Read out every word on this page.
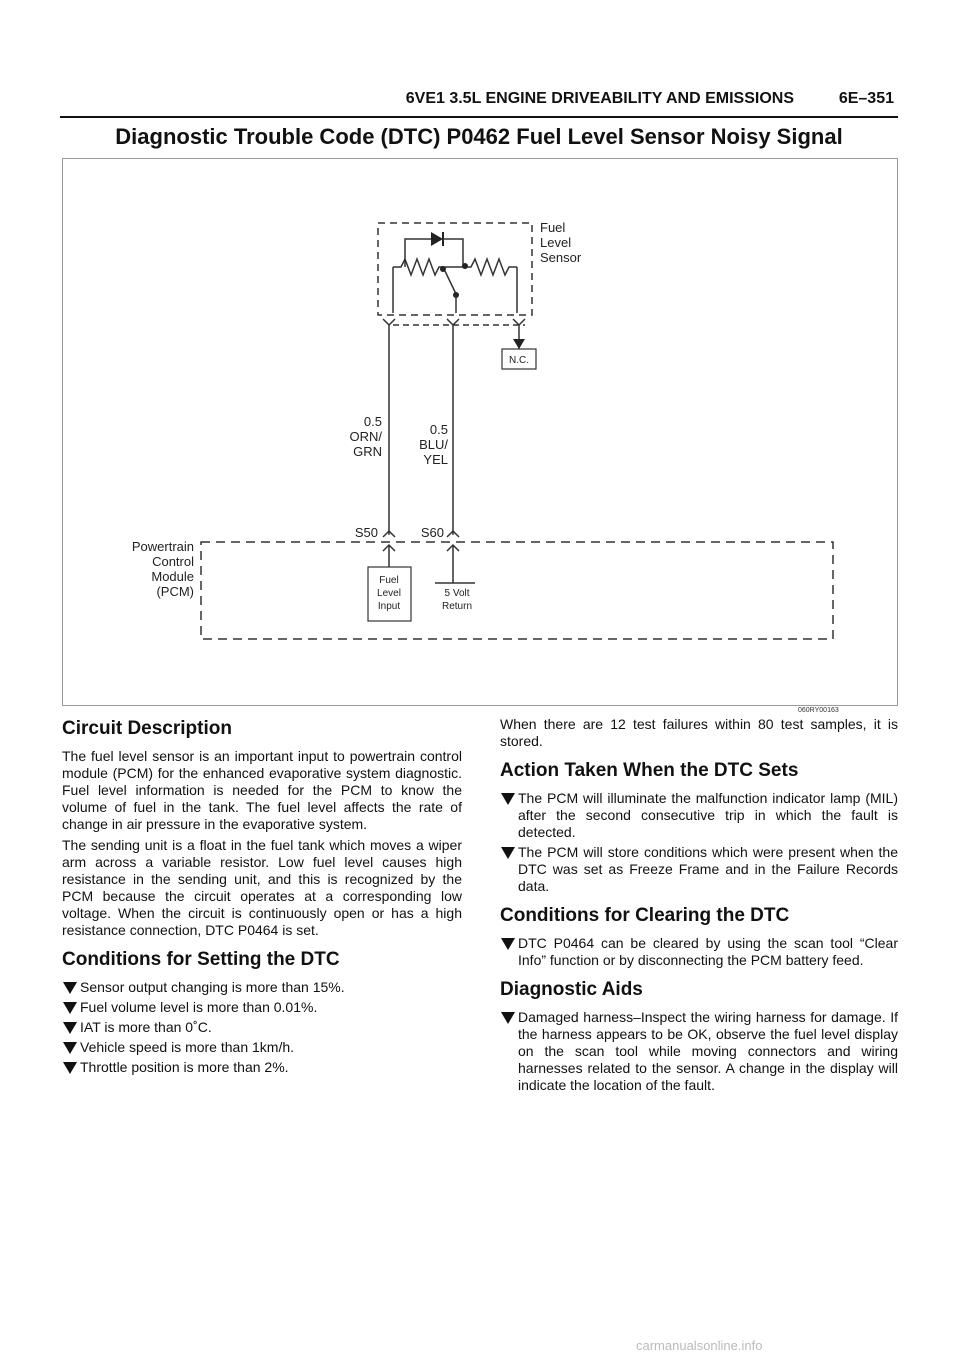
6VE1 3.5L ENGINE DRIVEABILITY AND EMISSIONS	6E–351
Diagnostic Trouble Code (DTC) P0462 Fuel Level Sensor Noisy Signal
N.C.
Fuel
Level
Sensor
0.5
ORN/
GRN
0.5
BLU/
YEL
S50	S60
Fuel
Level
Input
5 Volt
Return
Powertrain
Control
Module
(PCM)
060RY00163
Circuit Description

The fuel level sensor is an important input to powertrain control module (PCM) for the enhanced evaporative system diagnostic. Fuel level information is needed for the PCM to know the volume of fuel in the tank. The fuel level affects the rate of change in air pressure in the evaporative system.

The sending unit is a float in the fuel tank which moves a wiper arm across a variable resistor. Low fuel level causes high resistance in the sending unit, and this is recognized by the PCM because the circuit operates at a corresponding low voltage. When the circuit is continuously open or has a high resistance connection, DTC P0464 is set.

Conditions for Setting the DTC
Sensor output changing is more than 15%.
Fuel volume level is more than 0.01%.
IAT is more than 0˚C.
Vehicle speed is more than 1km/h.
Throttle position is more than 2%.

When there are 12 test failures within 80 test samples, it is stored.

Action Taken When the DTC Sets
The PCM will illuminate the malfunction indicator lamp (MIL) after the second consecutive trip in which the fault is detected.
The PCM will store conditions which were present when the DTC was set as Freeze Frame and in the Failure Records data.
Conditions for Clearing the DTC
DTC P0464 can be cleared by using the scan tool “Clear Info” function or by disconnecting the PCM battery feed.
Diagnostic Aids
Damaged harness–Inspect the wiring harness for damage. If the harness appears to be OK, observe the fuel level display on the scan tool while moving connectors and wiring harnesses related to the sensor. A change in the display will indicate the location of the fault.
carmanualsonline.info
